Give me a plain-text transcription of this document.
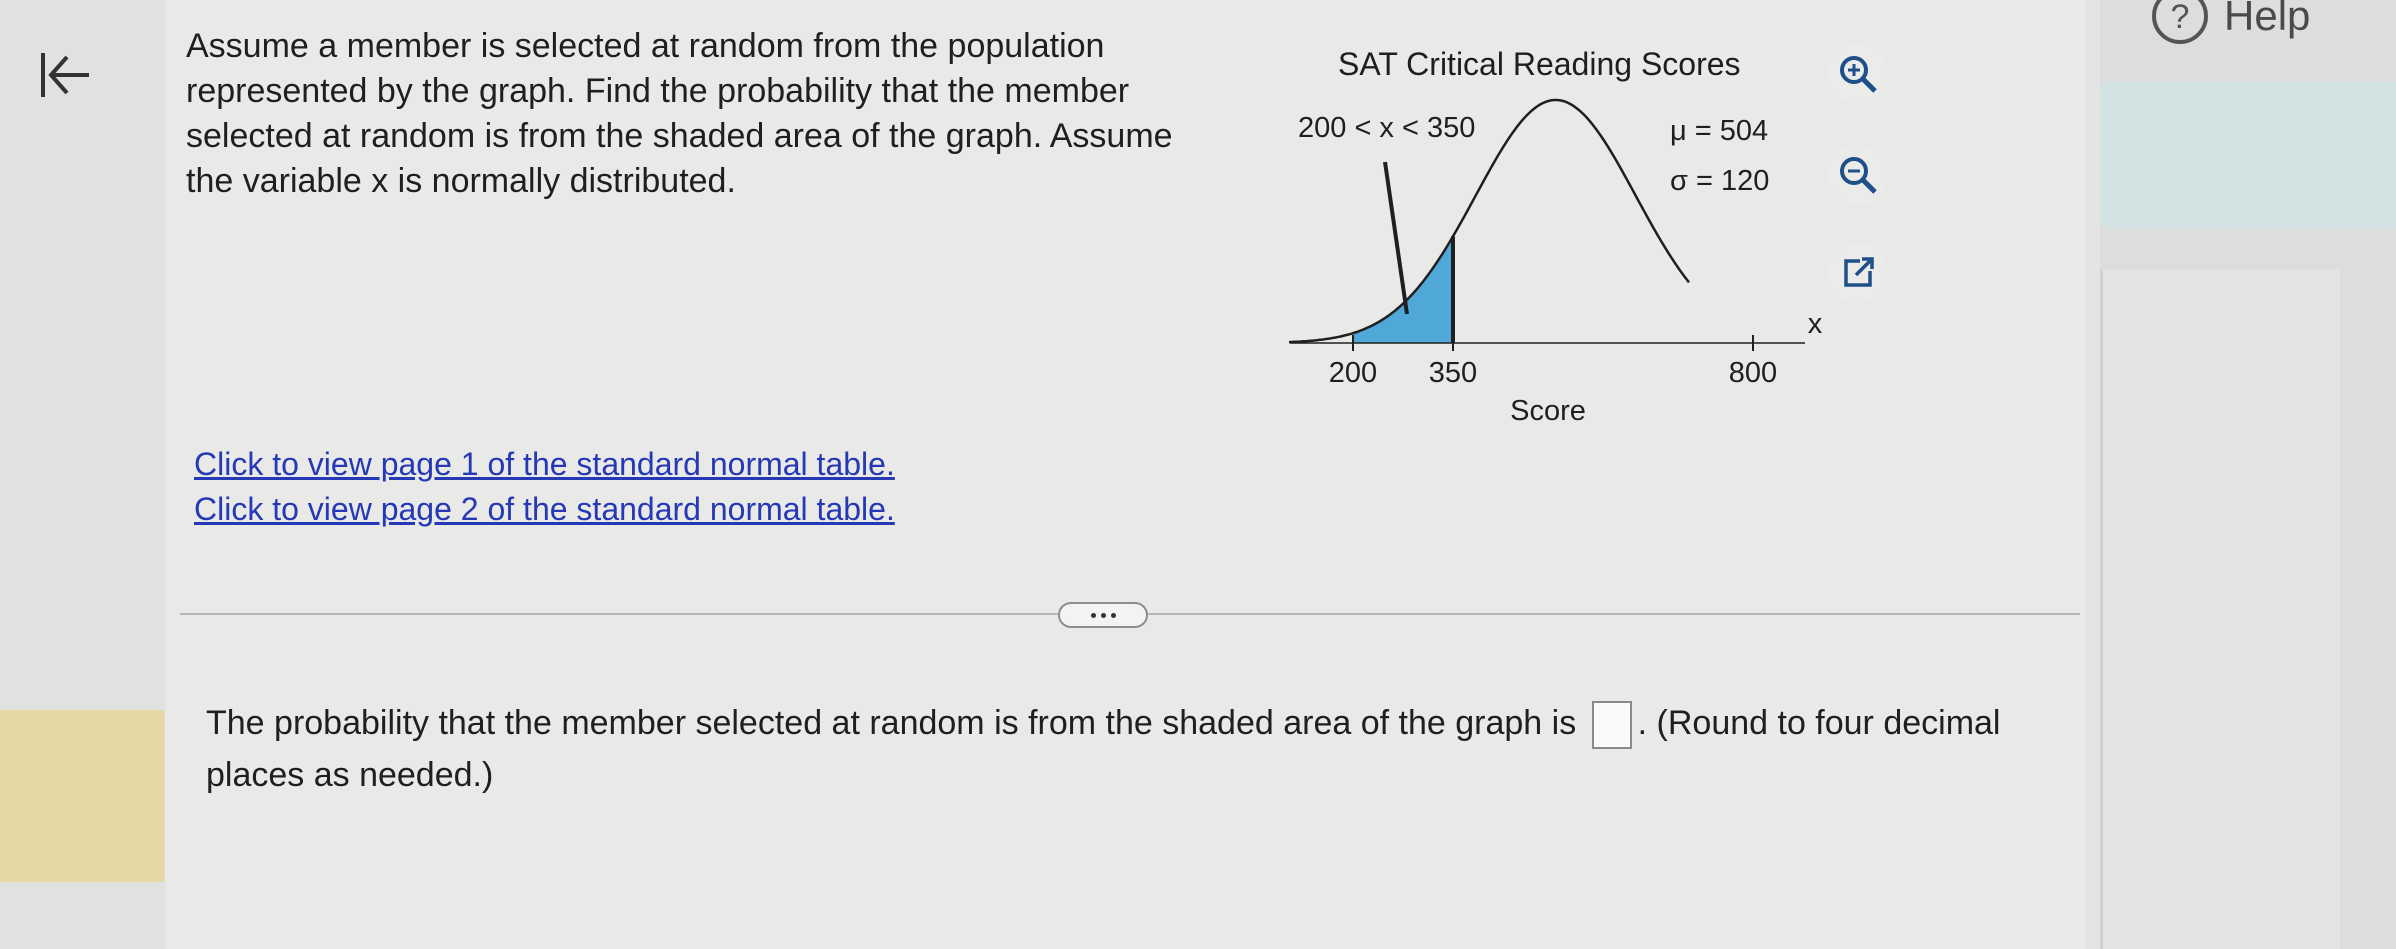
? Help

Assume a member is selected at random from the population represented by the graph. Find the probability that the member selected at random is from the shaded area of the graph. Assume the variable x is normally distributed.

Click to view page 1 of the standard normal table.
Click to view page 2 of the standard normal table.
SAT Critical Reading Scores
200 350	800
200 < x < 350	μ = 504
σ = 120
x
Score
The probability that the member selected at random is from the shaded area of the graph is . (Round to four decimal places as needed.)
